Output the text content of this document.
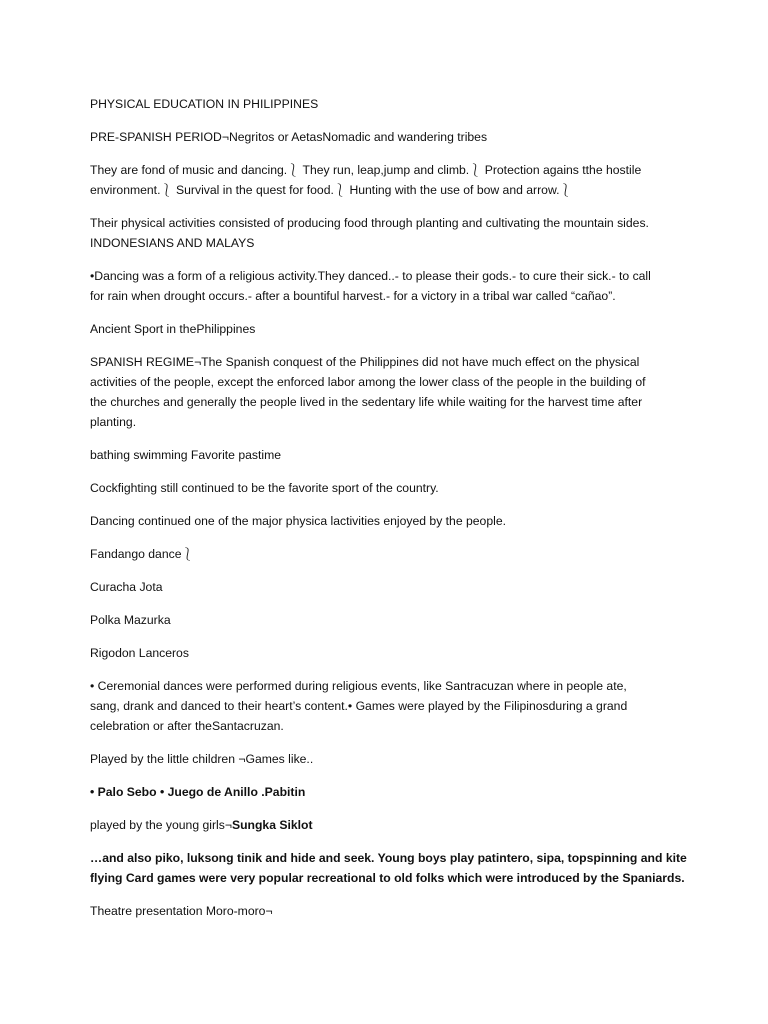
PHYSICAL EDUCATION IN PHILIPPINES

PRE-SPANISH PERIOD¬Negritos or AetasNomadic and wandering tribes

They are fond of music and dancing.⎱ They run, leap,jump and climb.⎱ Protection agains tthe hostile
environment.⎱ Survival in the quest for food.⎱ Hunting with the use of bow and arrow.⎱

Their physical activities consisted of producing food through planting and cultivating the mountain sides.
INDONESIANS AND MALAYS

•Dancing was a form of a religious activity.They danced..- to please their gods.- to cure their sick.- to call
for rain when drought occurs.- after a bountiful harvest.- for a victory in a tribal war called “cañao”.

Ancient Sport in thePhilippines

SPANISH REGIME¬The Spanish conquest of the Philippines did not have much effect on the physical
activities of the people, except the enforced labor among the lower class of the people in the building of
the churches and generally the people lived in the sedentary life while waiting for the harvest time after
planting.

bathing swimming Favorite pastime

Cockfighting still continued to be the favorite sport of the country.

Dancing continued one of the major physica lactivities enjoyed by the people.

Fandango dance⎱

Curacha Jota

Polka Mazurka

Rigodon Lanceros

• Ceremonial dances were performed during religious events, like Santracuzan where in people ate,
sang, drank and danced to their heart’s content.• Games were played by the Filipinosduring a grand
celebration or after theSantacruzan.

Played by the little children ¬Games like..

• Palo Sebo • Juego de Anillo .Pabitin

played by the young girls¬Sungka Siklot

…and also piko, luksong tinik and hide and seek. Young boys play patintero, sipa, topspinning and kite
flying Card games were very popular recreational to old folks which were introduced by the Spaniards.

Theatre presentation Moro-moro¬
